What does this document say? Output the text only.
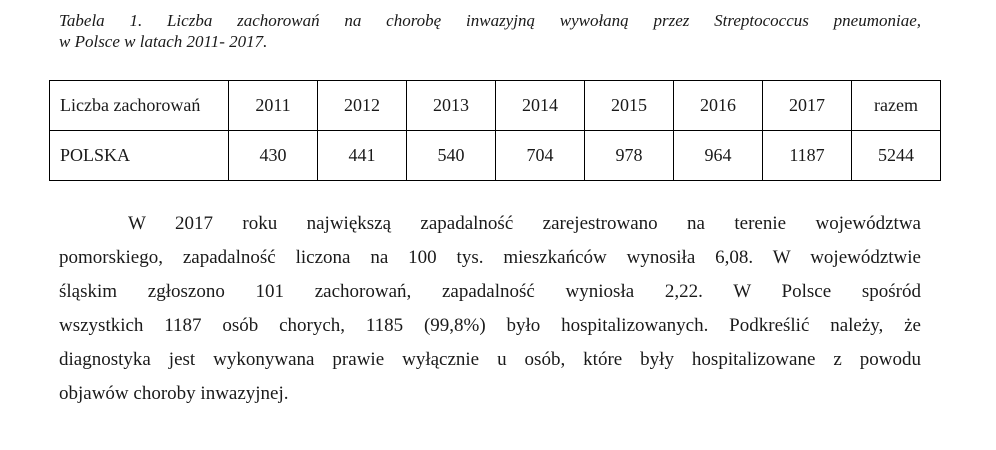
Tabela 1. Liczba zachorowań na chorobę inwazyjną wywołaną przez Streptococcus pneumoniae,
w Polsce w latach 2011- 2017.
Liczba zachorowań	2011	2012	2013	2014	2015	2016	2017	razem
POLSKA	430	441	540	704	978	964	1187	5244
W 2017 roku największą zapadalność zarejestrowano na terenie województwa
pomorskiego, zapadalność liczona na 100 tys. mieszkańców wynosiła 6,08. W województwie
śląskim zgłoszono 101 zachorowań, zapadalność wyniosła 2,22. W Polsce spośród
wszystkich 1187 osób chorych, 1185 (99,8%) było hospitalizowanych. Podkreślić należy, że
diagnostyka jest wykonywana prawie wyłącznie u osób, które były hospitalizowane z powodu
objawów choroby inwazyjnej.
